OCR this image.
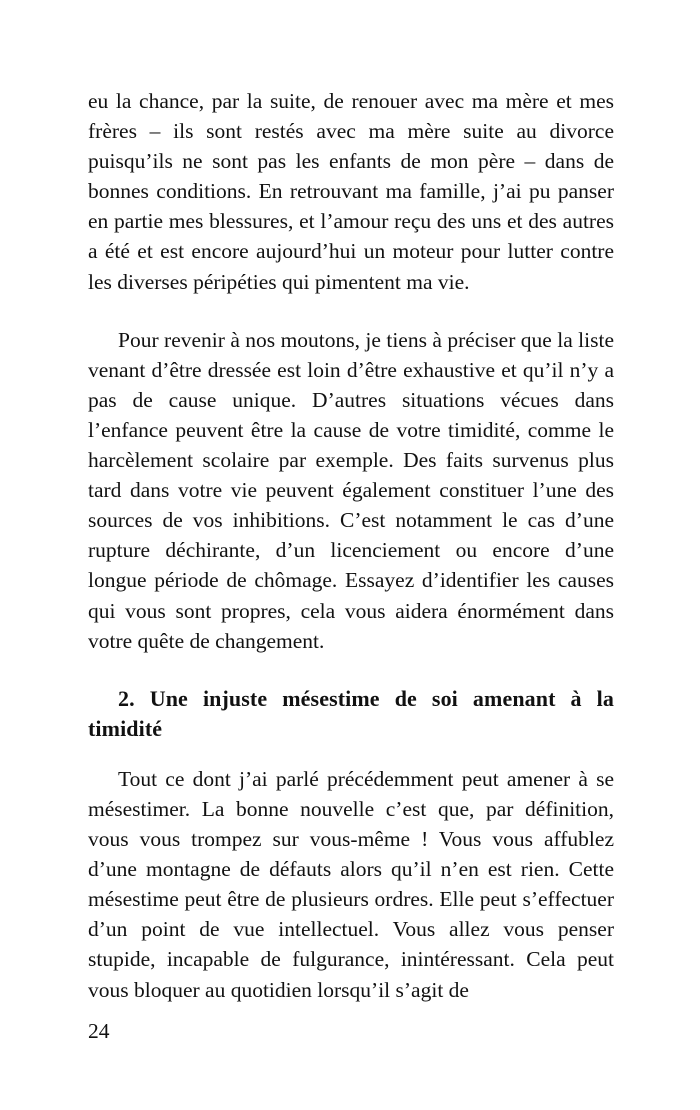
eu la chance, par la suite, de renouer avec ma mère et mes frères – ils sont restés avec ma mère suite au divorce puisqu’ils ne sont pas les enfants de mon père – dans de bonnes conditions. En retrouvant ma famille, j’ai pu panser en partie mes blessures, et l’amour reçu des uns et des autres a été et est encore aujourd’hui un moteur pour lutter contre les diverses péripéties qui pimentent ma vie.

Pour revenir à nos moutons, je tiens à préciser que la liste venant d’être dressée est loin d’être exhaustive et qu’il n’y a pas de cause unique. D’autres situations vécues dans l’enfance peuvent être la cause de votre timidité, comme le harcèlement scolaire par exemple. Des faits survenus plus tard dans votre vie peuvent également constituer l’une des sources de vos inhibitions. C’est notamment le cas d’une rupture déchirante, d’un licenciement ou encore d’une longue période de chômage. Essayez d’identifier les causes qui vous sont propres, cela vous aidera énormément dans votre quête de changement.

2. Une injuste mésestime de soi amenant à la timidité

Tout ce dont j’ai parlé précédemment peut amener à se mésestimer. La bonne nouvelle c’est que, par définition, vous vous trompez sur vous-même ! Vous vous affublez d’une montagne de défauts alors qu’il n’en est rien. Cette mésestime peut être de plusieurs ordres. Elle peut s’effectuer d’un point de vue intellectuel. Vous allez vous penser stupide, incapable de fulgurance, inintéressant. Cela peut vous bloquer au quotidien lorsqu’il s’agit de

24
